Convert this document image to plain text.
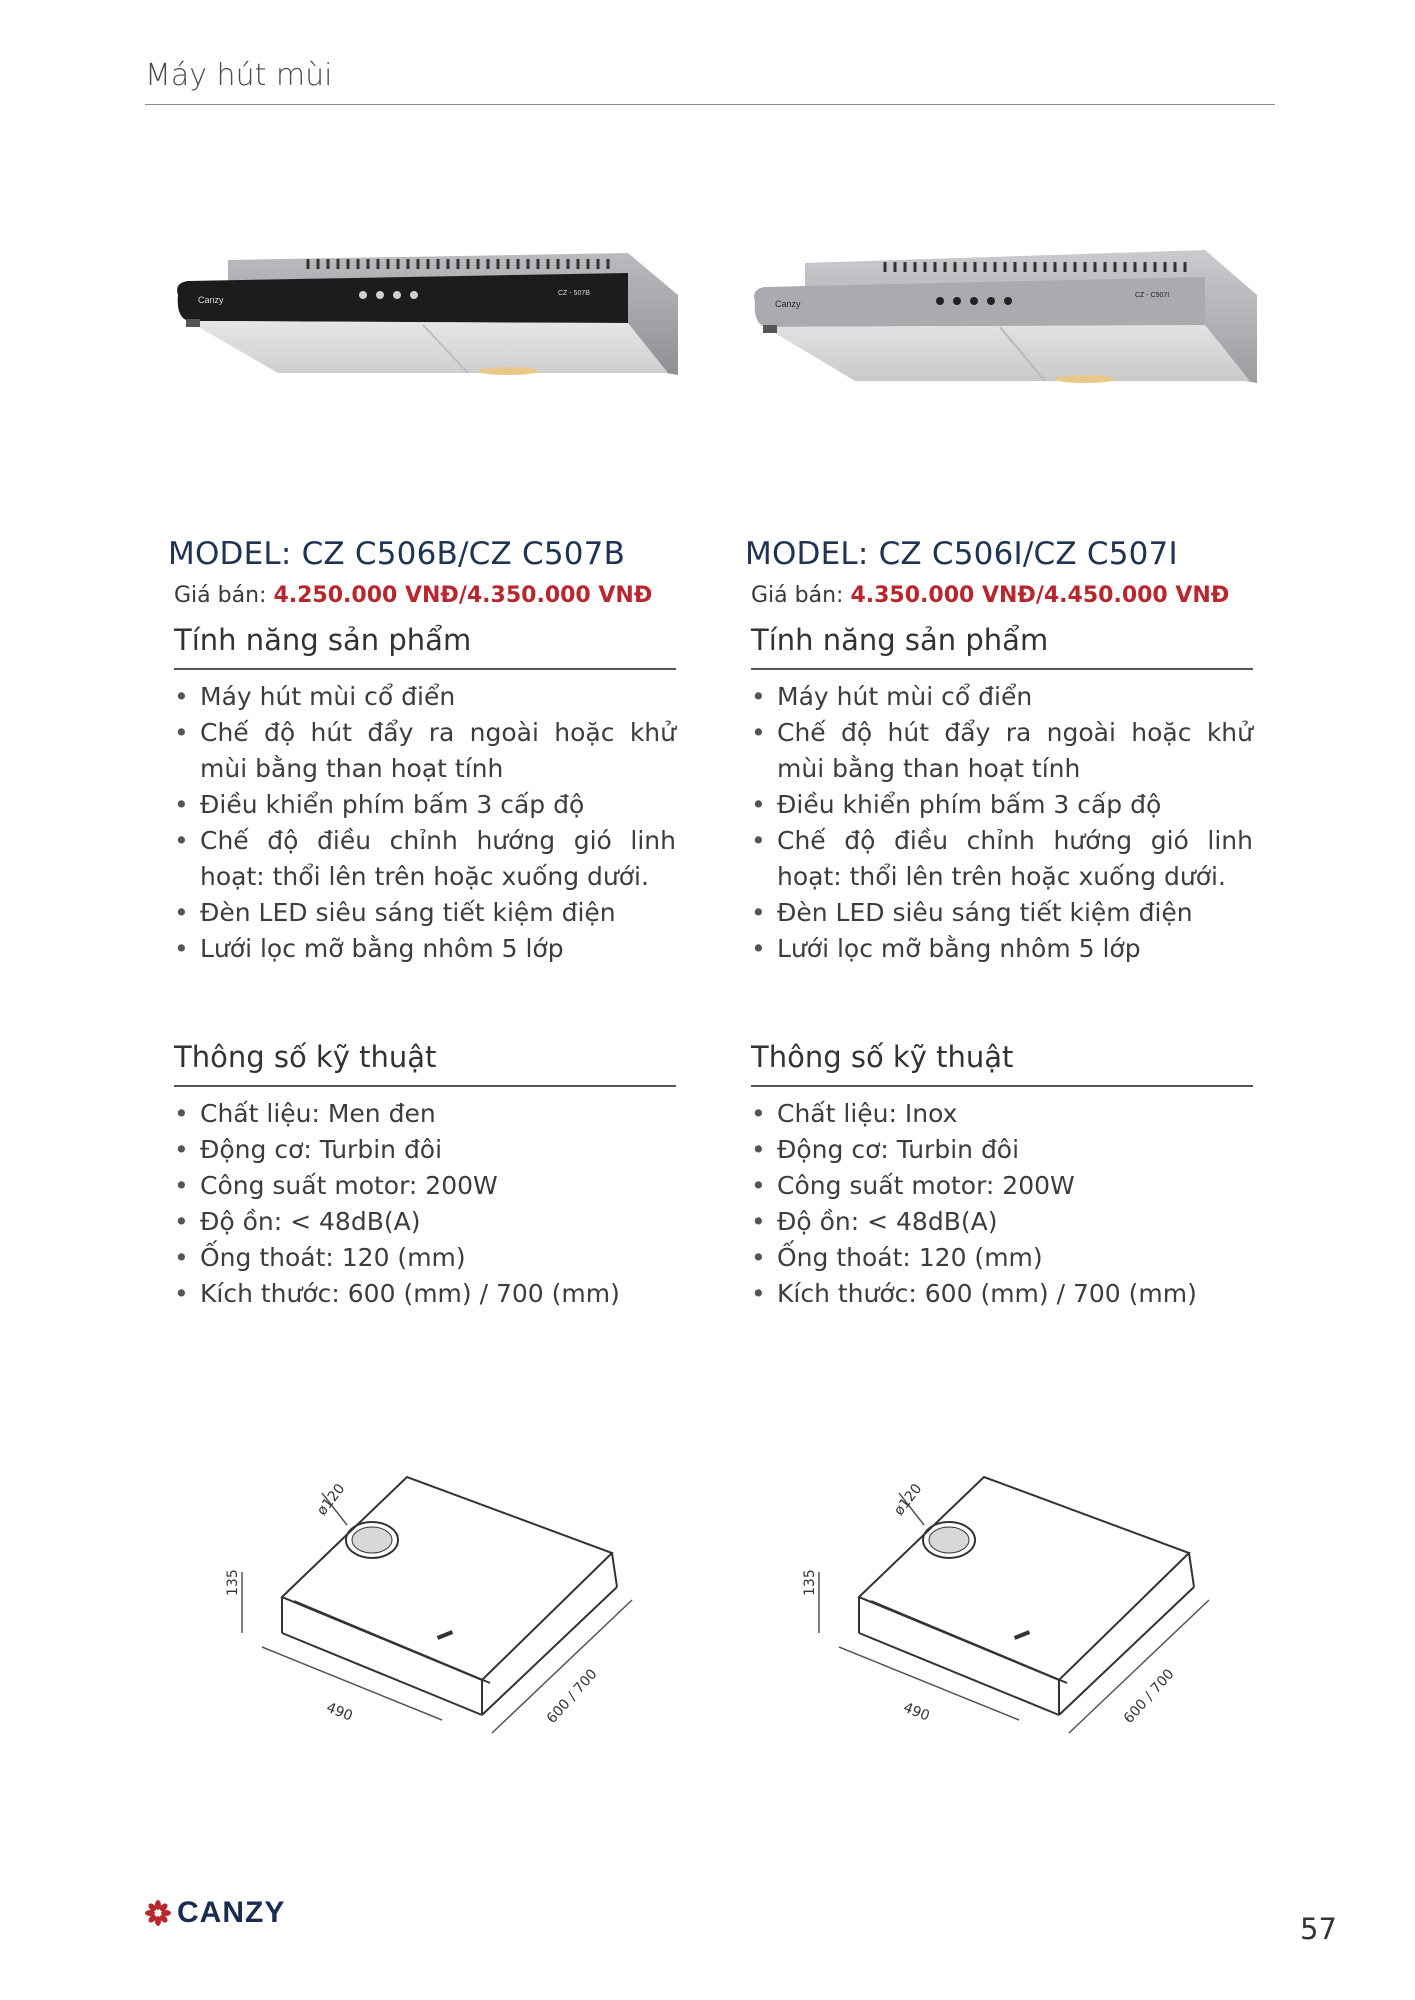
Máy hút mùi
Canzy
CZ - 507B
MODEL: CZ C506B/CZ C507B
Giá bán: 4.250.000 VNĐ/4.350.000 VNĐ
Tính năng sản phẩm
• Máy hút mùi cổ điển
• Chế độ hút đẩy ra ngoài hoặc khử mùi bằng than hoạt tính
• Điều khiển phím bấm 3 cấp độ
• Chế độ điều chỉnh hướng gió linh hoạt: thổi lên trên hoặc xuống dưới.
• Đèn LED siêu sáng tiết kiệm điện
• Lưới lọc mỡ bằng nhôm 5 lớp
Thông số kỹ thuật
• Chất liệu: Men đen
• Động cơ: Turbin đôi
• Công suất motor: 200W
• Độ ồn: < 48dB(A)
• Ống thoát: 120 (mm)
• Kích thước: 600 (mm) / 700 (mm)
ø120
135
490	600 / 700
Canzy
CZ - C507I
MODEL: CZ C506I/CZ C507I
Giá bán: 4.350.000 VNĐ/4.450.000 VNĐ
Tính năng sản phẩm
• Máy hút mùi cổ điển
• Chế độ hút đẩy ra ngoài hoặc khử mùi bằng than hoạt tính
• Điều khiển phím bấm 3 cấp độ
• Chế độ điều chỉnh hướng gió linh hoạt: thổi lên trên hoặc xuống dưới.
• Đèn LED siêu sáng tiết kiệm điện
• Lưới lọc mỡ bằng nhôm 5 lớp
Thông số kỹ thuật
• Chất liệu: Inox
• Động cơ: Turbin đôi
• Công suất motor: 200W
• Độ ồn: < 48dB(A)
• Ống thoát: 120 (mm)
• Kích thước: 600 (mm) / 700 (mm)
ø120
135
490	600 / 700
CANZY	57
